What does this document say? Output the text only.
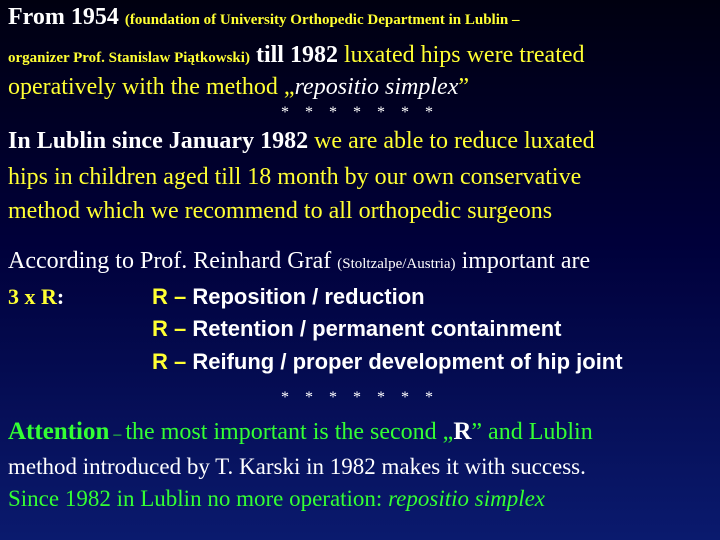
From 1954 (foundation of University Orthopedic Department in Lublin –
organizer Prof. Stanislaw Piątkowski) till 1982 luxated hips were treated
operatively with the method „repositio simplex”
* * * * * * *
In Lublin since January 1982 we are able to reduce luxated
hips in children aged till 18 month by our own conservative
method which we recommend to all orthopedic surgeons
According to Prof. Reinhard Graf (Stoltzalpe/Austria) important are
3 x R:	R – Reposition / reduction
R – Retention / permanent containment
R – Reifung / proper development of hip joint
* * * * * * *
Attention – the most important is the second „R” and Lublin
method introduced by T. Karski in 1982 makes it with success.
Since 1982 in Lublin no more operation: repositio simplex
